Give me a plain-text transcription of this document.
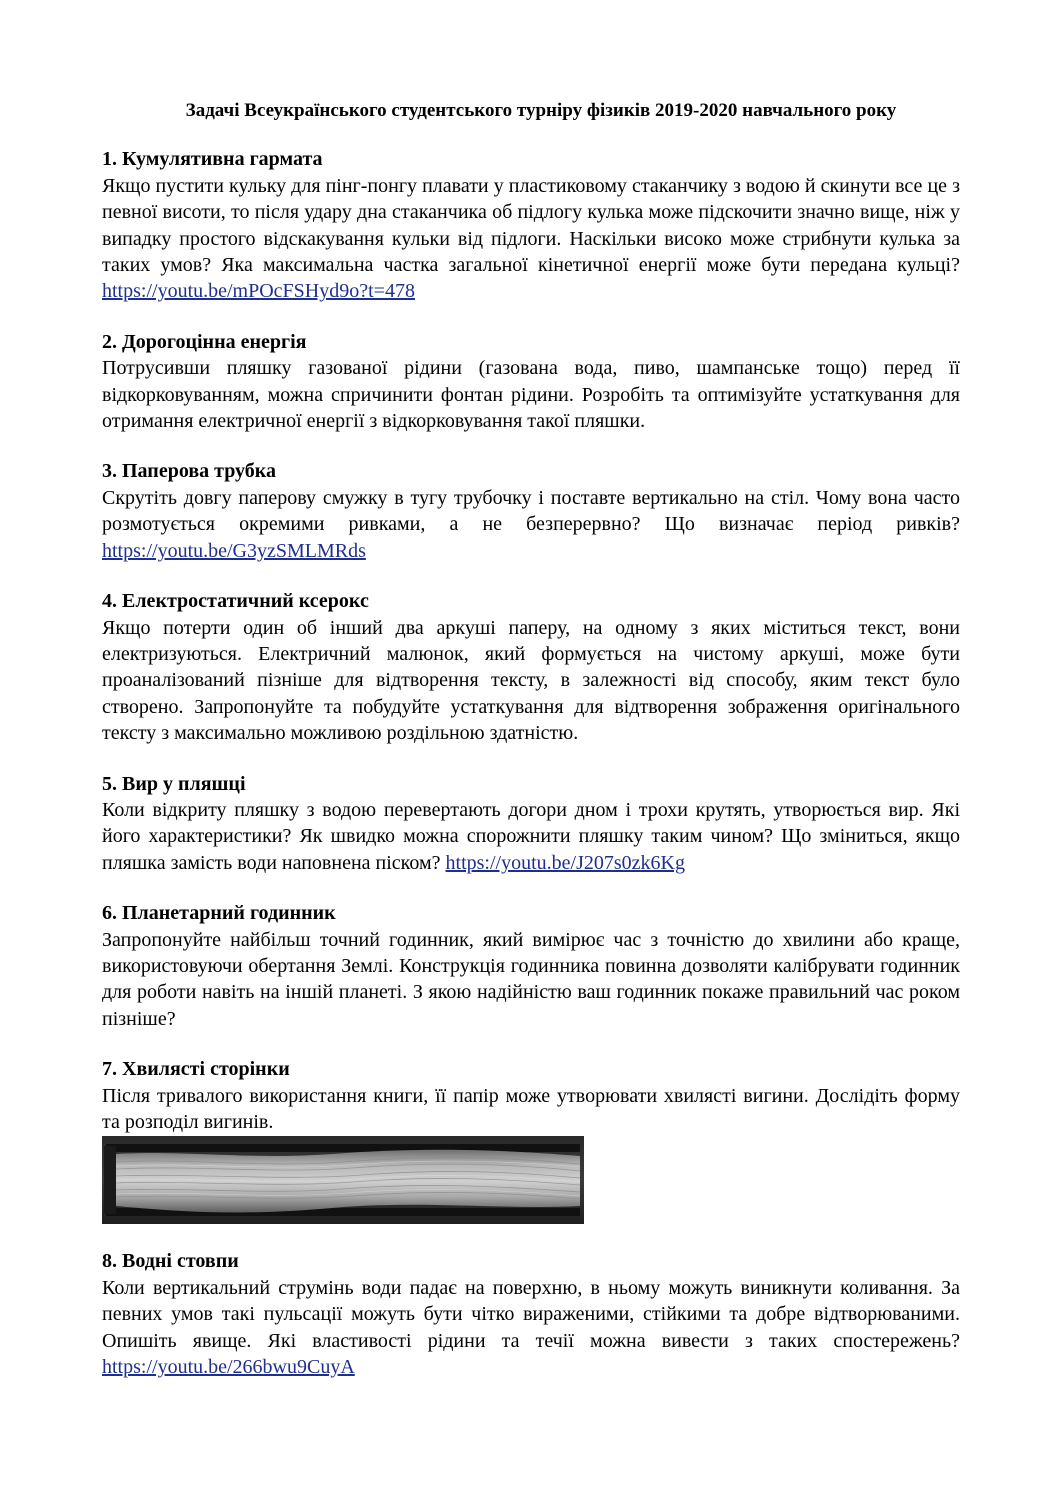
Задачі Всеукраїнського студентського турніру фізиків 2019-2020 навчального року
1. Кумулятивна гармата

Якщо пустити кульку для пінг-понгу плавати у пластиковому стаканчику з водою й скинути все це з певної висоти, то після удару дна стаканчика об підлогу кулька може підскочити значно вище, ніж у випадку простого відскакування кульки від підлоги. Наскільки високо може стрибнути кулька за таких умов? Яка максимальна частка загальної кінетичної енергії може бути передана кульці? https://youtu.be/mPOcFSHyd9o?t=478

2. Дорогоцінна енергія

Потрусивши пляшку газованої рідини (газована вода, пиво, шампанське тощо) перед її відкорковуванням, можна спричинити фонтан рідини. Розробіть та оптимізуйте устаткування для отримання електричної енергії з відкорковування такої пляшки.

3. Паперова трубка

Скрутіть довгу паперову смужку в тугу трубочку і поставте вертикально на стіл. Чому вона часто розмотується окремими ривками, а не безперервно? Що визначає період ривків? https://youtu.be/G3yzSMLMRds

4. Електростатичний ксерокс

Якщо потерти один об інший два аркуші паперу, на одному з яких міститься текст, вони електризуються. Електричний малюнок, який формується на чистому аркуші, може бути проаналізований пізніше для відтворення тексту, в залежності від способу, яким текст було створено. Запропонуйте та побудуйте устаткування для відтворення зображення оригінального тексту з максимально можливою роздільною здатністю.

5. Вир у пляшці

Коли відкриту пляшку з водою перевертають догори дном і трохи крутять, утворюється вир. Які його характеристики? Як швидко можна спорожнити пляшку таким чином? Що зміниться, якщо пляшка замість води наповнена піском? https://youtu.be/J207s0zk6Kg

6. Планетарний годинник

Запропонуйте найбільш точний годинник, який вимірює час з точністю до хвилини або краще, використовуючи обертання Землі. Конструкція годинника повинна дозволяти калібрувати годинник для роботи навіть на іншій планеті. З якою надійністю ваш годинник покаже правильний час роком пізніше?

7. Хвилясті сторінки

Після тривалого використання книги, її папір може утворювати хвилясті вигини. Дослідіть форму та розподіл вигинів.

8. Водні стовпи

Коли вертикальний струмінь води падає на поверхню, в ньому можуть виникнути коливання. За певних умов такі пульсації можуть бути чітко вираженими, стійкими та добре відтворюваними. Опишіть явище. Які властивості рідини та течії можна вивести з таких спостережень? https://youtu.be/266bwu9CuyA
